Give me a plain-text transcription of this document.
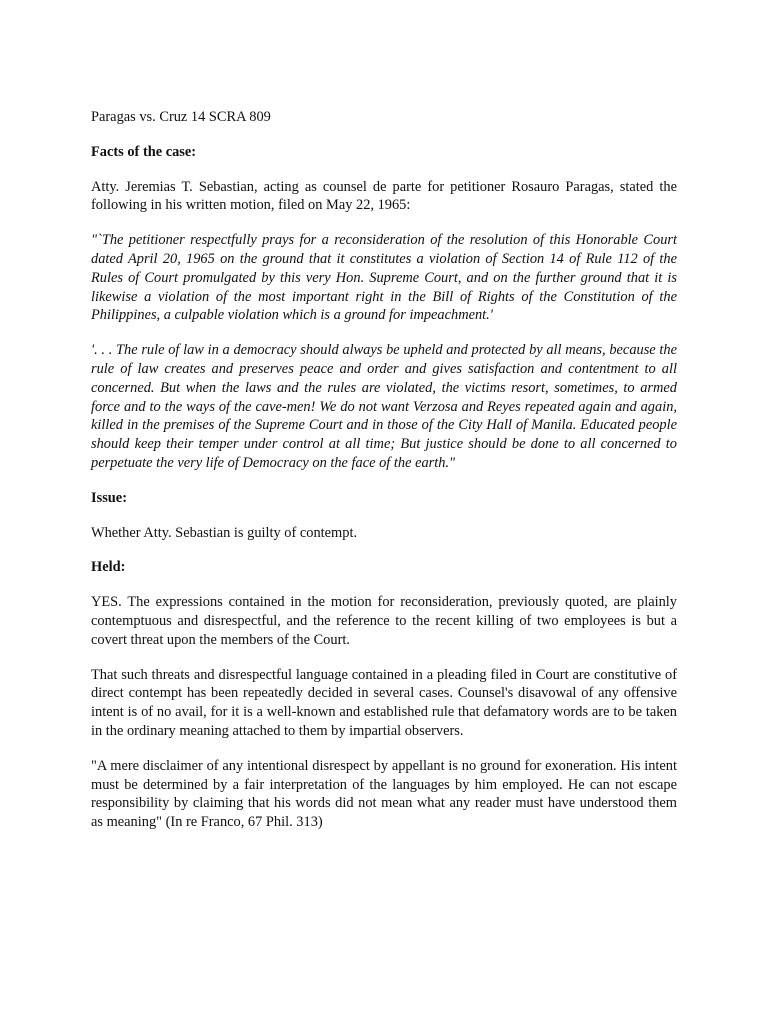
Paragas vs. Cruz 14 SCRA 809

Facts of the case:

Atty. Jeremias T. Sebastian, acting as counsel de parte for petitioner Rosauro Paragas, stated the following in his written motion, filed on May 22, 1965:

"`The petitioner respectfully prays for a reconsideration of the resolution of this Honorable Court dated April 20, 1965 on the ground that it constitutes a violation of Section 14 of Rule 112 of the Rules of Court promulgated by this very Hon. Supreme Court, and on the further ground that it is likewise a violation of the most important right in the Bill of Rights of the Constitution of the Philippines, a culpable violation which is a ground for impeachment.'

'. . . The rule of law in a democracy should always be upheld and protected by all means, because the rule of law creates and preserves peace and order and gives satisfaction and contentment to all concerned. But when the laws and the rules are violated, the victims resort, sometimes, to armed force and to the ways of the cave-men! We do not want Verzosa and Reyes repeated again and again, killed in the premises of the Supreme Court and in those of the City Hall of Manila. Educated people should keep their temper under control at all time; But justice should be done to all concerned to perpetuate the very life of Democracy on the face of the earth."

Issue:

Whether Atty. Sebastian is guilty of contempt.

Held:

YES. The expressions contained in the motion for reconsideration, previously quoted, are plainly contemptuous and disrespectful, and the reference to the recent killing of two employees is but a covert threat upon the members of the Court.

That such threats and disrespectful language contained in a pleading filed in Court are constitutive of direct contempt has been repeatedly decided in several cases. Counsel's disavowal of any offensive intent is of no avail, for it is a well-known and established rule that defamatory words are to be taken in the ordinary meaning attached to them by impartial observers.

"A mere disclaimer of any intentional disrespect by appellant is no ground for exoneration. His intent must be determined by a fair interpretation of the languages by him employed. He can not escape responsibility by claiming that his words did not mean what any reader must have understood them as meaning" (In re Franco, 67 Phil. 313)
